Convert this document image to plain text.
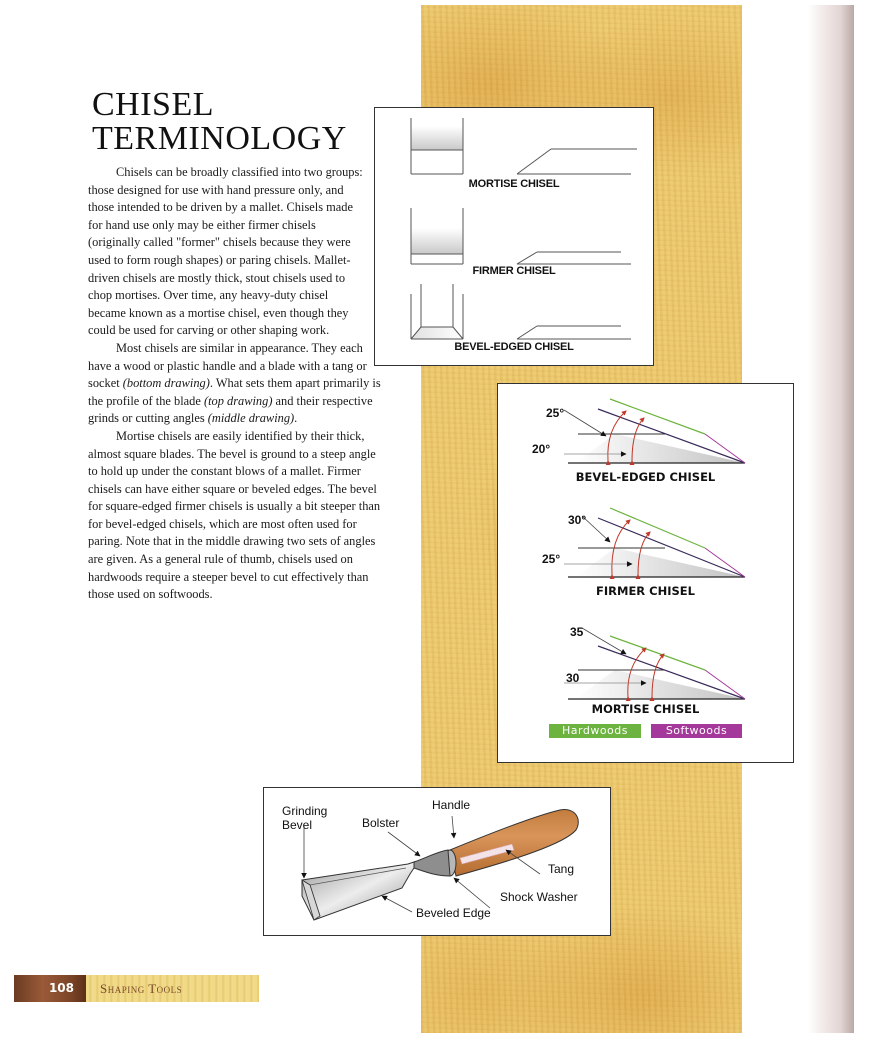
CHISEL
TERMINOLOGY

Chisels can be broadly classified into two groups: those designed for use with hand pressure only, and those intended to be driven by a mallet. Chisels made for hand use only may be either firmer chisels (originally called "former" chisels because they were used to form rough shapes) or paring chisels. Mallet-driven chisels are mostly thick, stout chisels used to chop mortises. Over time, any heavy-duty chisel became known as a mortise chisel, even though they could be used for carving or other shaping work.

Most chisels are similar in appearance. They each have a wood or plastic handle and a blade with a tang or socket (bottom drawing). What sets them apart primarily is the profile of the blade (top drawing) and their respective grinds or cutting angles (middle drawing).

Mortise chisels are easily identified by their thick, almost square blades. The bevel is ground to a steep angle to hold up under the constant blows of a mallet. Firmer chisels can have either square or beveled edges. The bevel for square-edged firmer chisels is usually a bit steeper than for bevel-edged chisels, which are most often used for paring. Note that in the middle drawing two sets of angles are given. As a general rule of thumb, chisels used on hardwoods require a steeper bevel to cut effectively than those used on softwoods.

MORTISE CHISEL
FIRMER CHISEL
BEVEL-EDGED CHISEL
25°
20°
BEVEL-EDGED CHISEL
30°
25°
FIRMER CHISEL
35
30
MORTISE CHISEL
Hardwoods	Softwoods
Grinding
Bevel	Bolster
Handle
Tang
Shock Washer
Beveled Edge
108	Shaping Tools
